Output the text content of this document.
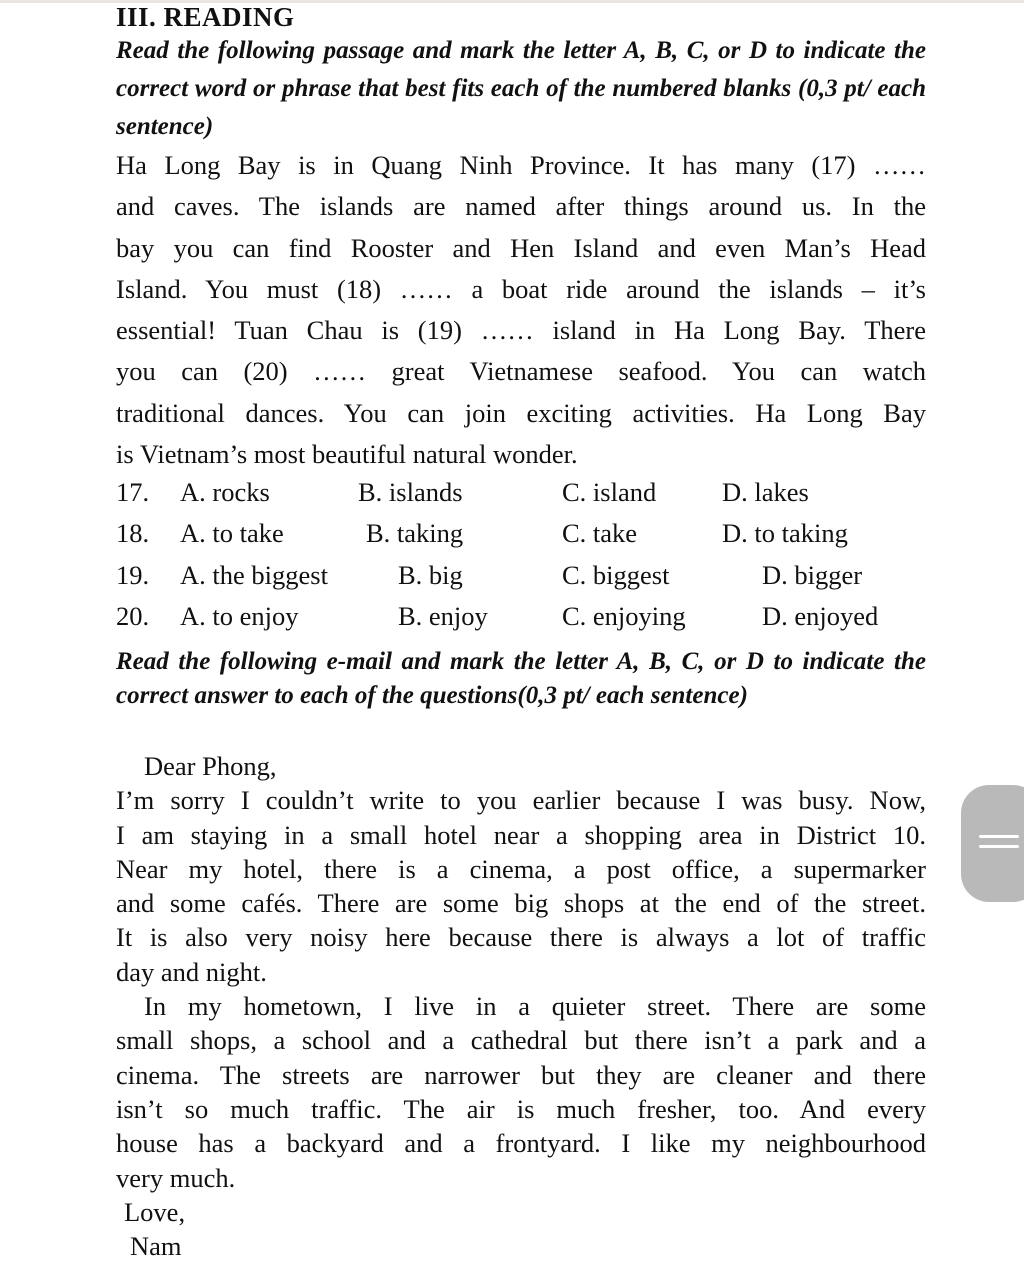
III. READING
Read the following passage and mark the letter A, B, C, or D to indicate the correct word or phrase that best fits each of the numbered blanks (0,3 pt/ each sentence)
Ha Long Bay is in Quang Ninh Province. It has many (17) ……
and caves. The islands are named after things around us. In the
bay you can find Rooster and Hen Island and even Man’s Head
Island. You must (18) …… a boat ride around the islands – it’s
essential! Tuan Chau is (19) …… island in Ha Long Bay. There
you can (20) …… great Vietnamese seafood. You can watch
traditional dances. You can join exciting activities. Ha Long Bay
is Vietnam’s most beautiful natural wonder.
17. A. rocks	B. islands	C. island D. lakes
18. A. to take	B. taking	C. take	D. to taking
19. A. the biggest	B. big	C. biggest	D. bigger
20. A. to enjoy	B. enjoy	C. enjoying	D. enjoyed
Read the following e-mail and mark the letter A, B, C, or D to indicate the correct answer to each of the questions(0,3 pt/ each sentence)
Dear Phong,
I’m sorry I couldn’t write to you earlier because I was busy. Now,
I am staying in a small hotel near a shopping area in District 10.
Near my hotel, there is a cinema, a post office, a supermarker
and some cafés. There are some big shops at the end of the street.
It is also very noisy here because there is always a lot of traffic
day and night.
In my hometown, I live in a quieter street. There are some
small shops, a school and a cathedral but there isn’t a park and a
cinema. The streets are narrower but they are cleaner and there
isn’t so much traffic. The air is much fresher, too. And every
house has a backyard and a frontyard. I like my neighbourhood
very much.
Love,
Nam
